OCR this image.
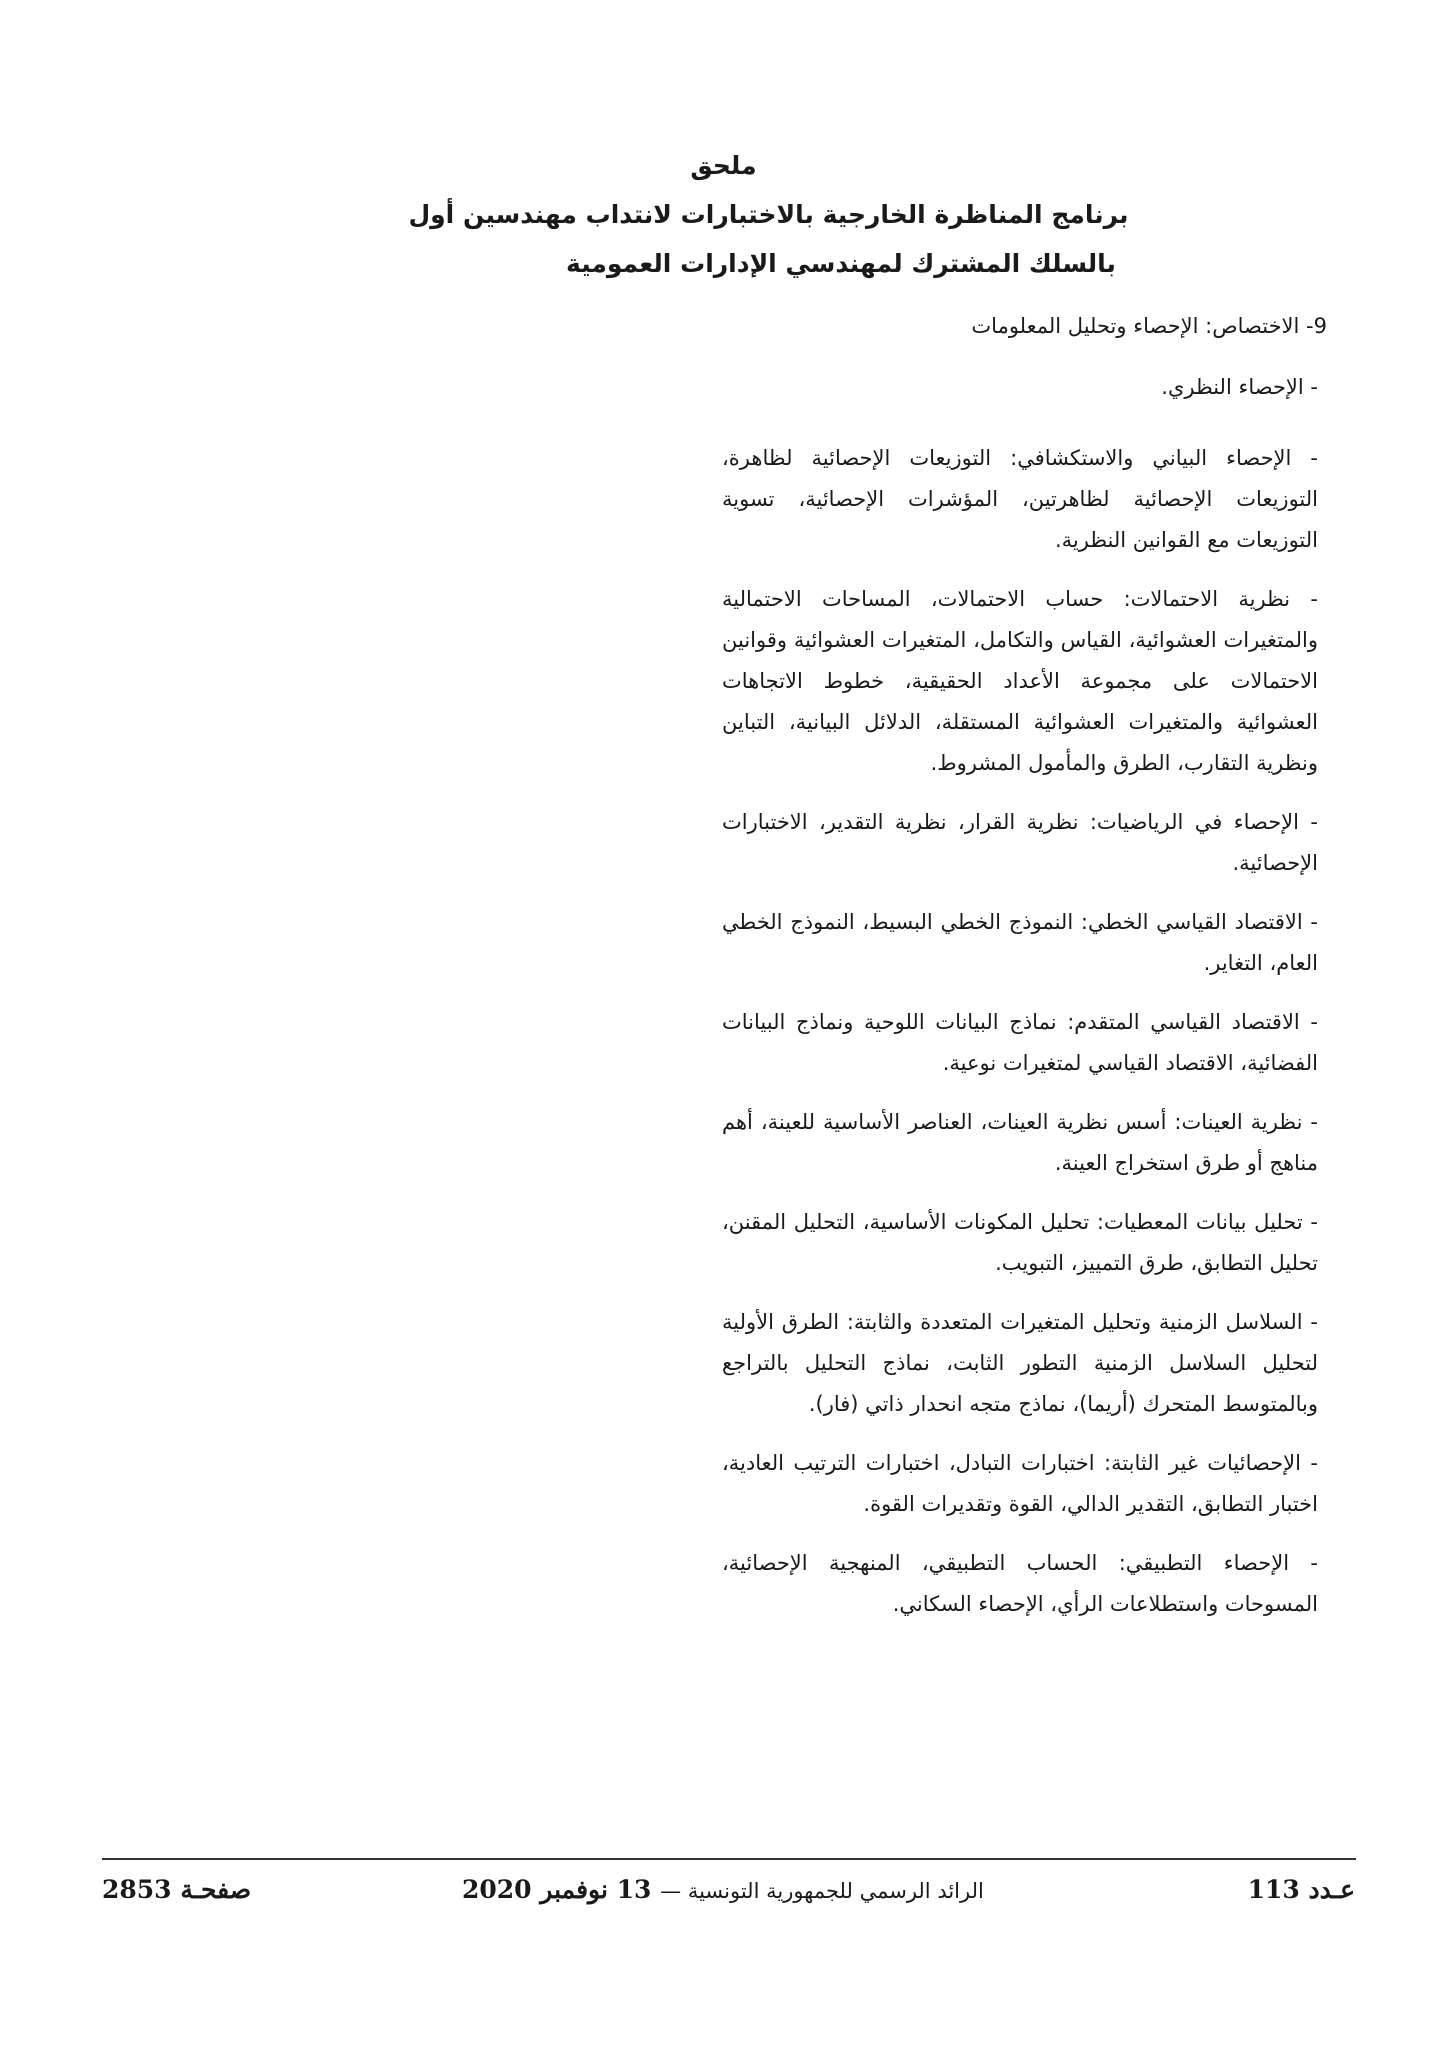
ملحق
برنامج المناظرة الخارجية بالاختبارات لانتداب مهندسين أول
بالسلك المشترك لمهندسي الإدارات العمومية
9- الاختصاص: الإحصاء وتحليل المعلومات

- الإحصاء النظري.

- الإحصاء البياني والاستكشافي: التوزيعات الإحصائية لظاهرة، التوزيعات الإحصائية لظاهرتين، المؤشرات الإحصائية، تسوية التوزيعات مع القوانين النظرية.

- نظرية الاحتمالات: حساب الاحتمالات، المساحات الاحتمالية والمتغيرات العشوائية، القياس والتكامل، المتغيرات العشوائية وقوانين الاحتمالات على مجموعة الأعداد الحقيقية، خطوط الاتجاهات العشوائية والمتغيرات العشوائية المستقلة، الدلائل البيانية، التباين ونظرية التقارب، الطرق والمأمول المشروط.

- الإحصاء في الرياضيات: نظرية القرار، نظرية التقدير، الاختبارات الإحصائية.

- الاقتصاد القياسي الخطي: النموذج الخطي البسيط، النموذج الخطي العام، التغاير.

- الاقتصاد القياسي المتقدم: نماذج البيانات اللوحية ونماذج البيانات الفضائية، الاقتصاد القياسي لمتغيرات نوعية.

- نظرية العينات: أسس نظرية العينات، العناصر الأساسية للعينة، أهم مناهج أو طرق استخراج العينة.

- تحليل بيانات المعطيات: تحليل المكونات الأساسية، التحليل المقنن، تحليل التطابق، طرق التمييز، التبويب.

- السلاسل الزمنية وتحليل المتغيرات المتعددة والثابتة: الطرق الأولية لتحليل السلاسل الزمنية التطور الثابت، نماذج التحليل بالتراجع وبالمتوسط المتحرك (أريما)، نماذج متجه انحدار ذاتي (فار).

- الإحصائيات غير الثابتة: اختبارات التبادل، اختبارات الترتيب العادية، اختبار التطابق، التقدير الدالي، القوة وتقديرات القوة.

- الإحصاء التطبيقي: الحساب التطبيقي، المنهجية الإحصائية، المسوحات واستطلاعات الرأي، الإحصاء السكاني.

عـدد 113
الرائد الرسمي للجمهورية التونسية — 13 نوفمبر 2020
صفحـة 2853
